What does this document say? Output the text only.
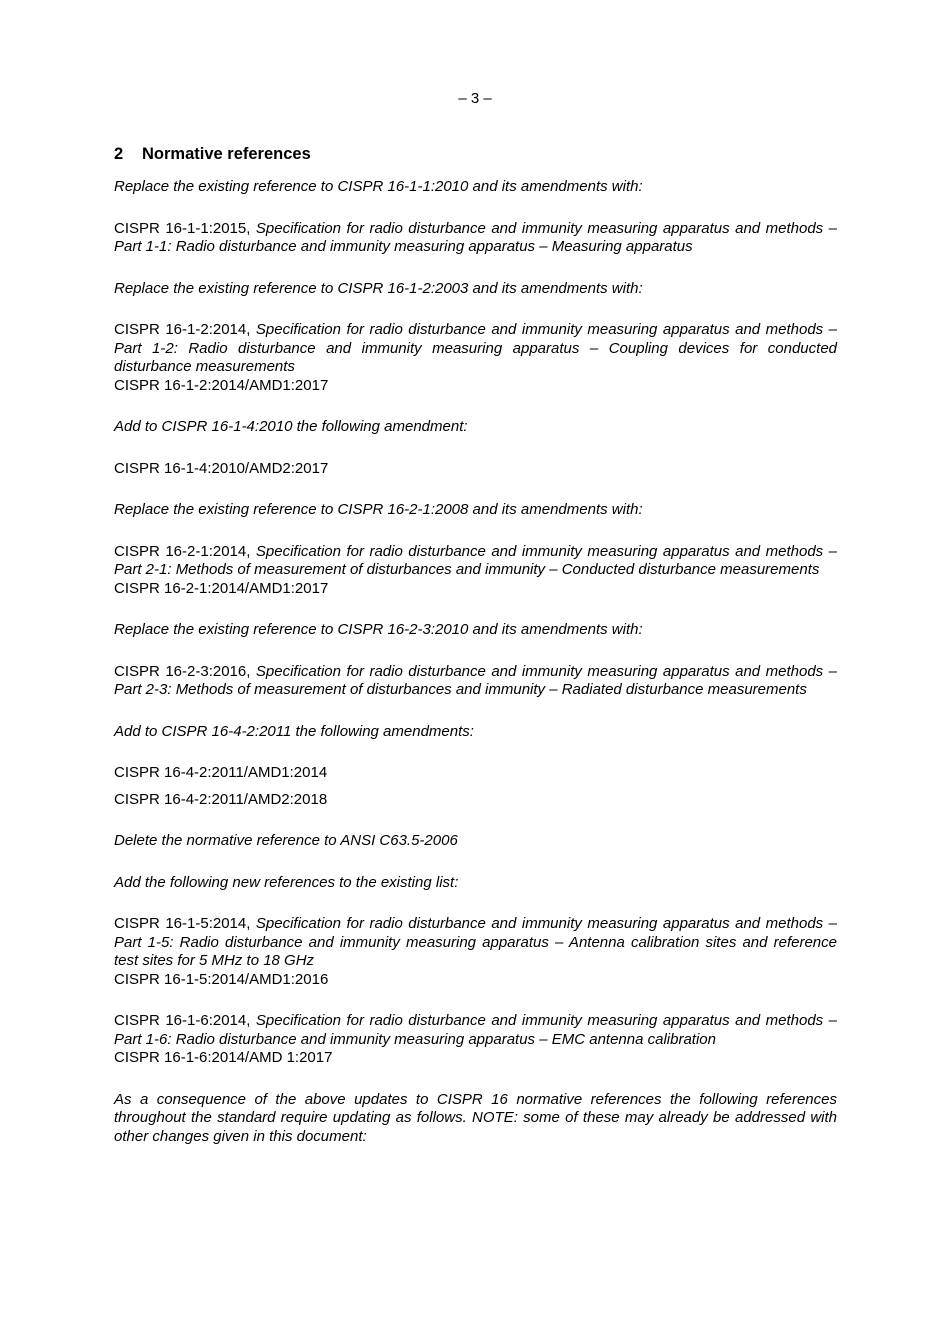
– 3 –
2 Normative references

Replace the existing reference to CISPR 16-1-1:2010 and its amendments with:

CISPR 16-1-1:2015, Specification for radio disturbance and immunity measuring apparatus and methods – Part 1-1: Radio disturbance and immunity measuring apparatus – Measuring apparatus

Replace the existing reference to CISPR 16-1-2:2003 and its amendments with:

CISPR 16-1-2:2014, Specification for radio disturbance and immunity measuring apparatus and methods – Part 1-2: Radio disturbance and immunity measuring apparatus – Coupling devices for conducted disturbance measurements
CISPR 16-1-2:2014/AMD1:2017

Add to CISPR 16-1-4:2010 the following amendment:

CISPR 16-1-4:2010/AMD2:2017

Replace the existing reference to CISPR 16-2-1:2008 and its amendments with:

CISPR 16-2-1:2014, Specification for radio disturbance and immunity measuring apparatus and methods – Part 2-1: Methods of measurement of disturbances and immunity – Conducted disturbance measurements
CISPR 16-2-1:2014/AMD1:2017

Replace the existing reference to CISPR 16-2-3:2010 and its amendments with:

CISPR 16-2-3:2016, Specification for radio disturbance and immunity measuring apparatus and methods – Part 2-3: Methods of measurement of disturbances and immunity – Radiated disturbance measurements

Add to CISPR 16-4-2:2011 the following amendments:

CISPR 16-4-2:2011/AMD1:2014

CISPR 16-4-2:2011/AMD2:2018

Delete the normative reference to ANSI C63.5-2006

Add the following new references to the existing list:

CISPR 16-1-5:2014, Specification for radio disturbance and immunity measuring apparatus and methods – Part 1-5: Radio disturbance and immunity measuring apparatus – Antenna calibration sites and reference test sites for 5 MHz to 18 GHz
CISPR 16-1-5:2014/AMD1:2016

CISPR 16-1-6:2014, Specification for radio disturbance and immunity measuring apparatus and methods – Part 1-6: Radio disturbance and immunity measuring apparatus – EMC antenna calibration
CISPR 16-1-6:2014/AMD 1:2017

As a consequence of the above updates to CISPR 16 normative references the following references throughout the standard require updating as follows. NOTE: some of these may already be addressed with other changes given in this document:
